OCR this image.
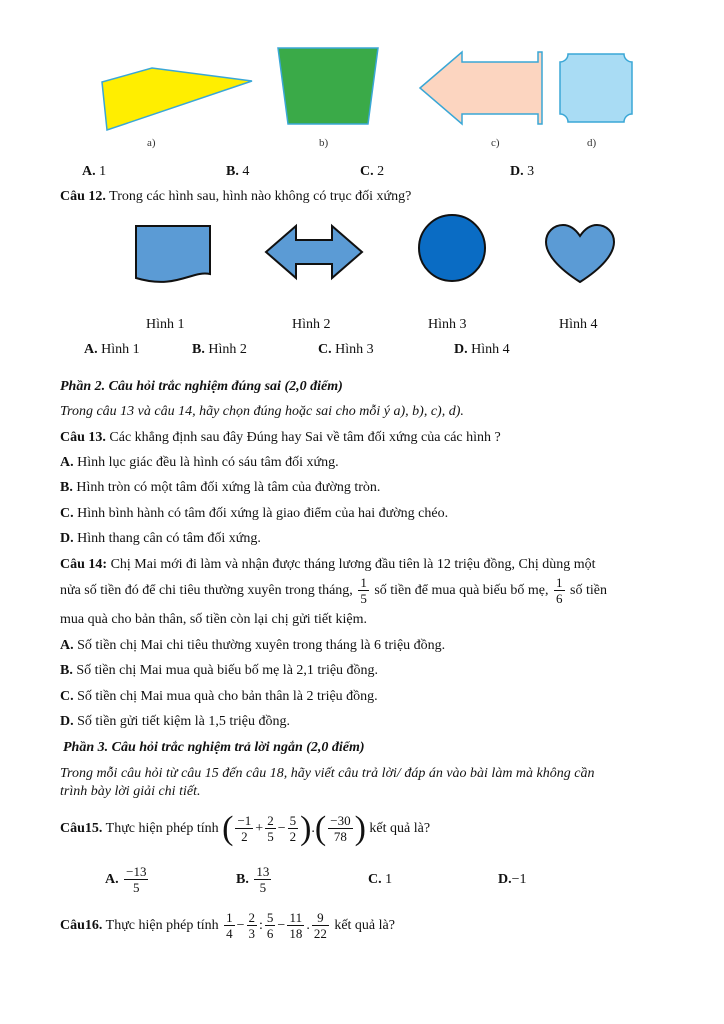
a)	b)	c)	d)
A. 1	B. 4	C. 2	D. 3
Câu 12. Trong các hình sau, hình nào không có trục đối xứng?
Hình 1	Hình 2	Hình 3	Hình 4
A. Hình 1	B. Hình 2	C. Hình 3	D. Hình 4
Phần 2. Câu hỏi trắc nghiệm đúng sai (2,0 điểm)
Trong câu 13 và câu 14, hãy chọn đúng hoặc sai cho mỗi ý a), b), c), d).
Câu 13. Các khẳng định sau đây Đúng hay Sai về tâm đối xứng của các hình ?
A. Hình lục giác đều là hình có sáu tâm đối xứng.
B. Hình tròn có một tâm đối xứng là tâm của đường tròn.
C. Hình bình hành có tâm đối xứng là giao điểm của hai đường chéo.
D. Hình thang cân có tâm đối xứng.
Câu 14: Chị Mai mới đi làm và nhận được tháng lương đầu tiên là 12 triệu đồng, Chị dùng một
nửa số tiền đó để chi tiêu thường xuyên trong tháng, $\frac{1}{5}$ số tiền để mua quà biếu bố mẹ, $\frac{1}{6}$ số tiền
mua quà cho bản thân, số tiền còn lại chị gửi tiết kiệm.
A. Số tiền chị Mai chi tiêu thường xuyên trong tháng là 6 triệu đồng.
B. Số tiền chị Mai mua quà biếu bố mẹ là 2,1 triệu đồng.
C. Số tiền chị Mai mua quà cho bản thân là 2 triệu đồng.
D. Số tiền gửi tiết kiệm là 1,5 triệu đồng.
Phần 3. Câu hỏi trắc nghiệm trả lời ngắn (2,0 điểm)
Trong mỗi câu hỏi từ câu 15 đến câu 18, hãy viết câu trả lời/ đáp án vào bài làm mà không cần
trình bày lời giải chi tiết.
Câu15. Thực hiện phép tính ( $\frac{-1}{2} + \frac{2}{5} - \frac{5}{2}$ ).( $\frac{-30}{78}$ ) kết quả là?
A. $\frac{-13}{5}$	B. $\frac{13}{5}$	C. 1	D.−1
Câu16. Thực hiện phép tính $\frac{1}{4} - \frac{2}{3}$ : $\frac{5}{6} - \frac{11}{18}$ . $\frac{9}{22}$ kết quả là?
